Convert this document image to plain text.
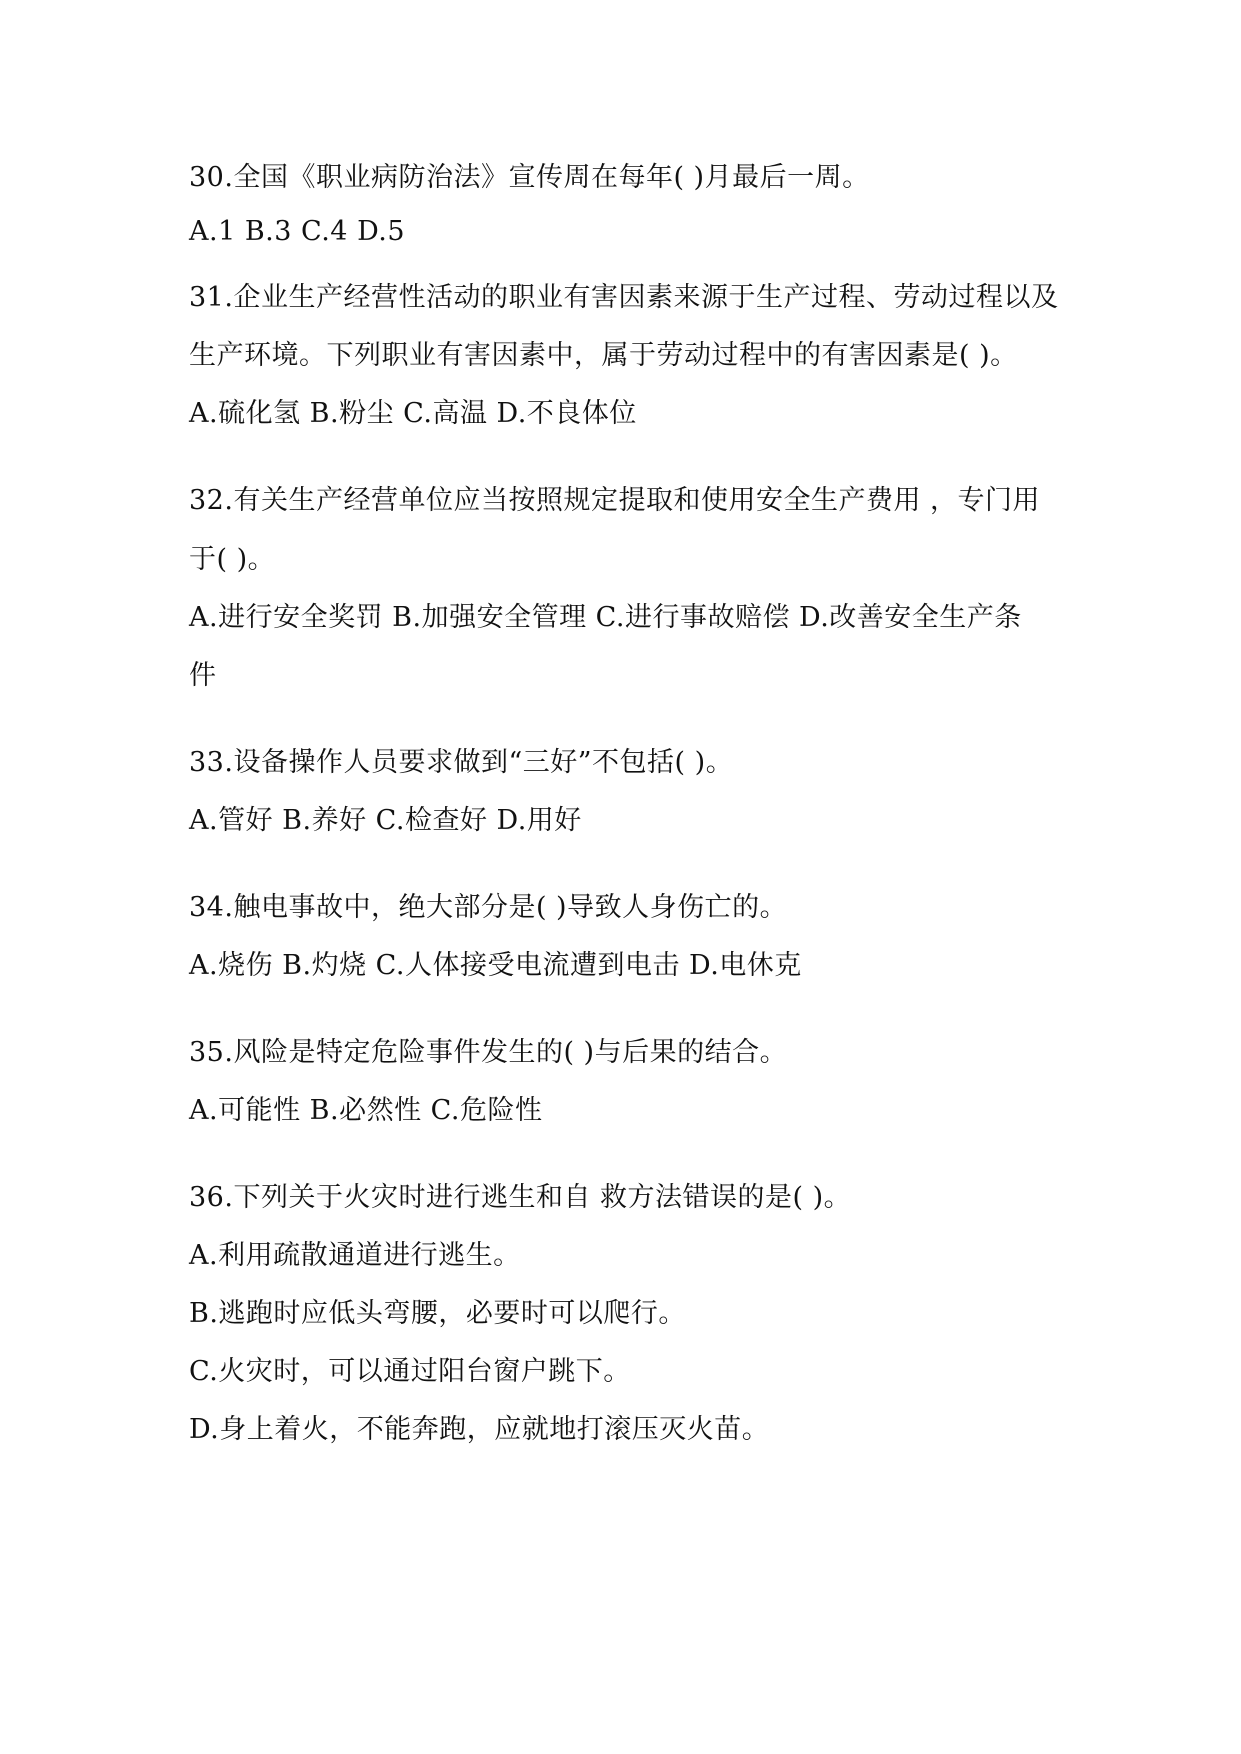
30.全国《职业病防治法》宣传周在每年( )月最后一周。
A.1 B.3 C.4 D.5
31.企业生产经营性活动的职业有害因素来源于生产过程、劳动过程以及
生产环境。下列职业有害因素中，属于劳动过程中的有害因素是( )。
A.硫化氢 B.粉尘 C.高温 D.不良体位
32.有关生产经营单位应当按照规定提取和使用安全生产费用 ，专门用
于( )。
A.进行安全奖罚 B.加强安全管理 C.进行事故赔偿 D.改善安全生产条
件
33.设备操作人员要求做到“三好”不包括( )。
A.管好 B.养好 C.检查好 D.用好
34.触电事故中，绝大部分是( )导致人身伤亡的。
A.烧伤 B.灼烧 C.人体接受电流遭到电击 D.电休克
35.风险是特定危险事件发生的( )与后果的结合。
A.可能性 B.必然性 C.危险性
36.下列关于火灾时进行逃生和自 救方法错误的是( )。
A.利用疏散通道进行逃生。
B.逃跑时应低头弯腰，必要时可以爬行。
C.火灾时，可以通过阳台窗户跳下。
D.身上着火，不能奔跑，应就地打滚压灭火苗。
